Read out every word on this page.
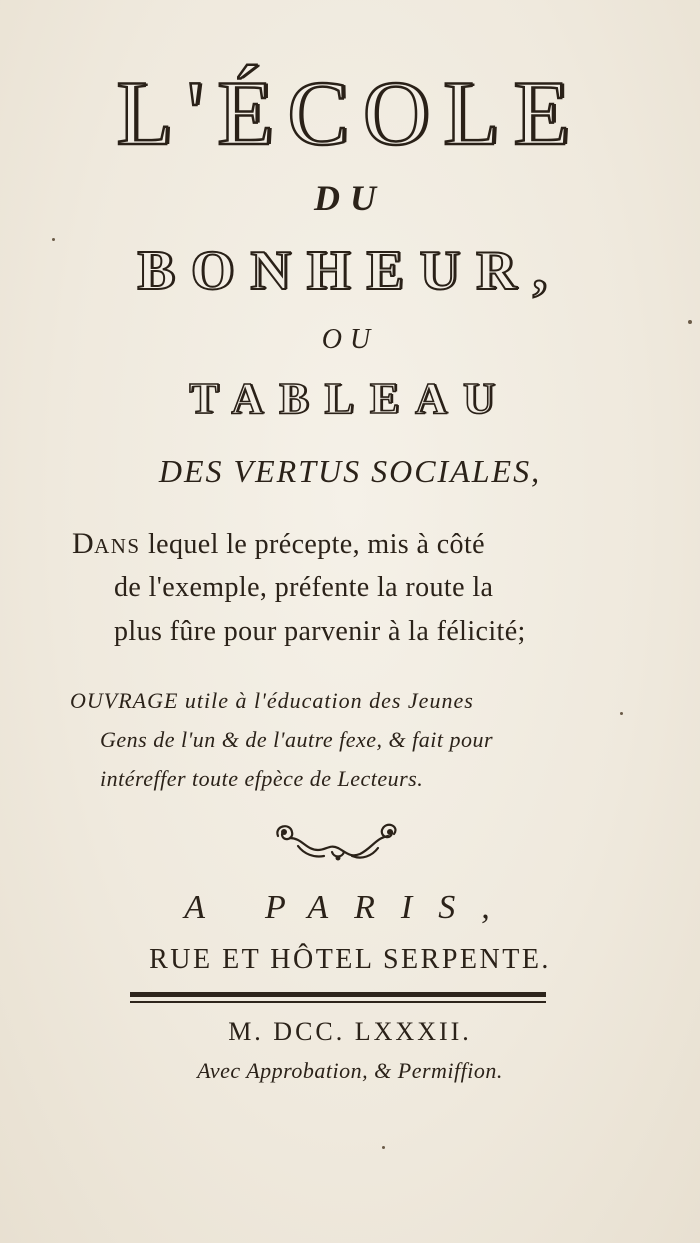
L'ÉCOLE
DU
BONHEUR,
OU
TABLEAU
DES VERTUS SOCIALES,
DANS lequel le précepte, mis à côté
de l'exemple, préfente la route la
plus fûre pour parvenir à la félicité;
OUVRAGE utile à l'éducation des Jeunes
Gens de l'un & de l'autre fexe, & fait pour
intéreffer toute efpèce de Lecteurs.
A PARIS,
RUE ET HÔTEL SERPENTE.
M. DCC. LXXXII.
Avec Approbation, & Permiffion.
